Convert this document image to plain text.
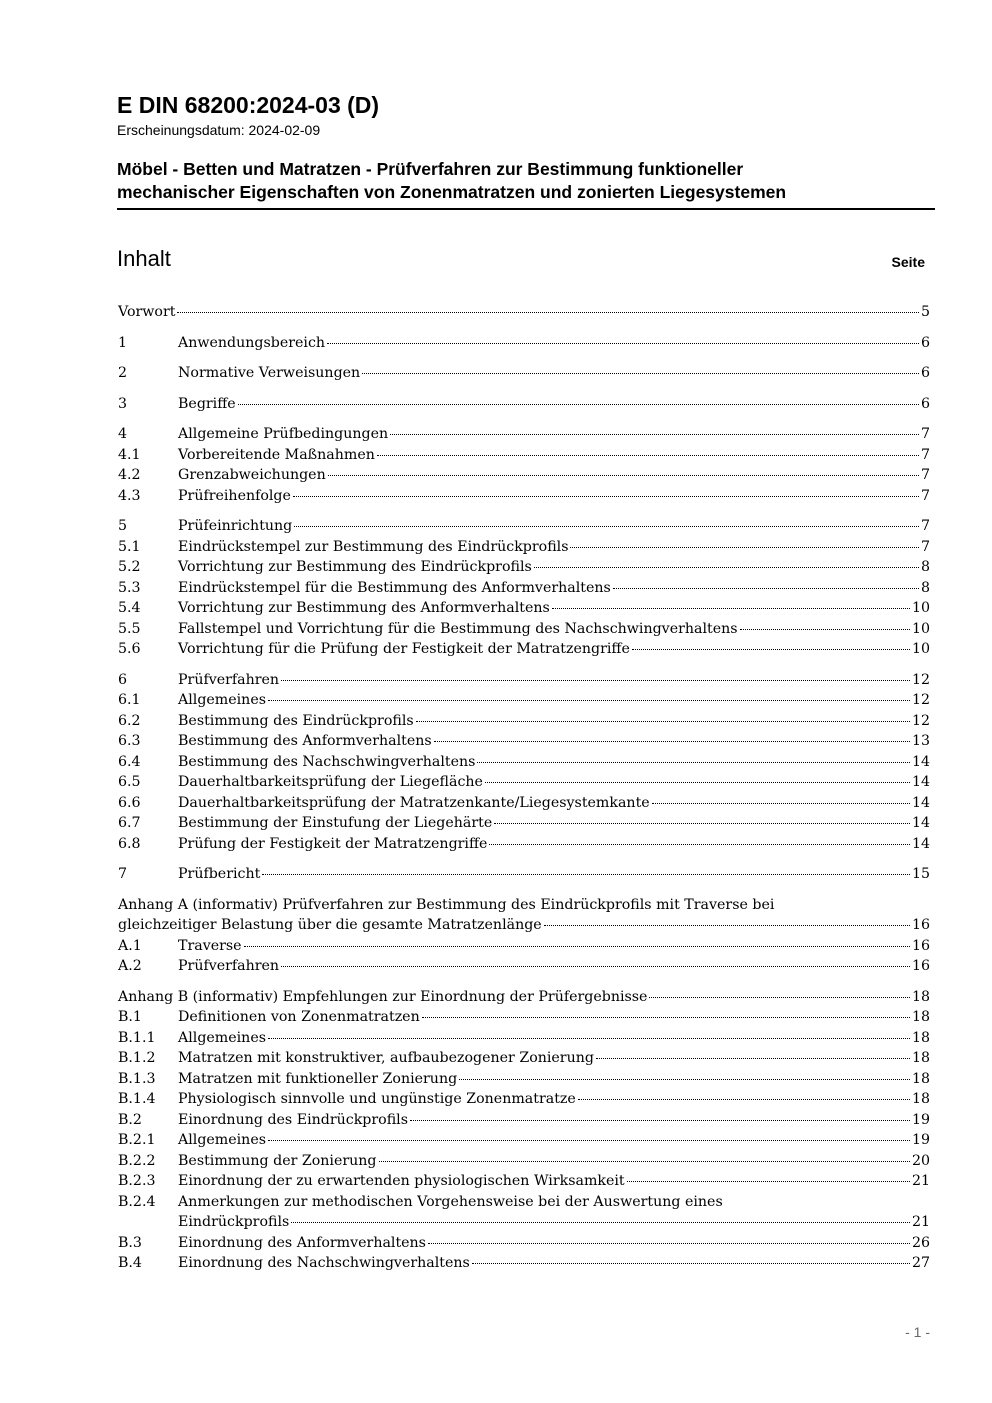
E DIN 68200:2024-03 (D)
Erscheinungsdatum: 2024-02-09
Möbel - Betten und Matratzen - Prüfverfahren zur Bestimmung funktioneller
mechanischer Eigenschaften von Zonenmatratzen und zonierten Liegesystemen
Inhalt	Seite
Vorwort	5
1	Anwendungsbereich	6
2	Normative Verweisungen	6
3	Begriffe	6
4	Allgemeine Prüfbedingungen	7
4.1	Vorbereitende Maßnahmen	7
4.2	Grenzabweichungen	7
4.3	Prüfreihenfolge	7
5	Prüfeinrichtung	7
5.1	Eindrückstempel zur Bestimmung des Eindrückprofils	7
5.2	Vorrichtung zur Bestimmung des Eindrückprofils	8
5.3	Eindrückstempel für die Bestimmung des Anformverhaltens	8
5.4	Vorrichtung zur Bestimmung des Anformverhaltens	10
5.5	Fallstempel und Vorrichtung für die Bestimmung des Nachschwingverhaltens	10
5.6	Vorrichtung für die Prüfung der Festigkeit der Matratzengriffe	10
6	Prüfverfahren	12
6.1	Allgemeines	12
6.2	Bestimmung des Eindrückprofils	12
6.3	Bestimmung des Anformverhaltens	13
6.4	Bestimmung des Nachschwingverhaltens	14
6.5	Dauerhaltbarkeitsprüfung der Liegefläche	14
6.6	Dauerhaltbarkeitsprüfung der Matratzenkante/Liegesystemkante	14
6.7	Bestimmung der Einstufung der Liegehärte	14
6.8	Prüfung der Festigkeit der Matratzengriffe	14
7	Prüfbericht	15
Anhang A (informativ) Prüfverfahren zur Bestimmung des Eindrückprofils mit Traverse bei
gleichzeitiger Belastung über die gesamte Matratzenlänge	16
A.1	Traverse	16
A.2	Prüfverfahren	16
Anhang B (informativ) Empfehlungen zur Einordnung der Prüfergebnisse	18
B.1	Definitionen von Zonenmatratzen	18
B.1.1 Allgemeines	18
B.1.2 Matratzen mit konstruktiver, aufbaubezogener Zonierung	18
B.1.3 Matratzen mit funktioneller Zonierung	18
B.1.4 Physiologisch sinnvolle und ungünstige Zonenmatratze	18
B.2	Einordnung des Eindrückprofils	19
B.2.1 Allgemeines	19
B.2.2 Bestimmung der Zonierung	20
B.2.3 Einordnung der zu erwartenden physiologischen Wirksamkeit	21
B.2.4 Anmerkungen zur methodischen Vorgehensweise bei der Auswertung eines
Eindrückprofils	21
B.3	Einordnung des Anformverhaltens	26
B.4	Einordnung des Nachschwingverhaltens	27
- 1 -
